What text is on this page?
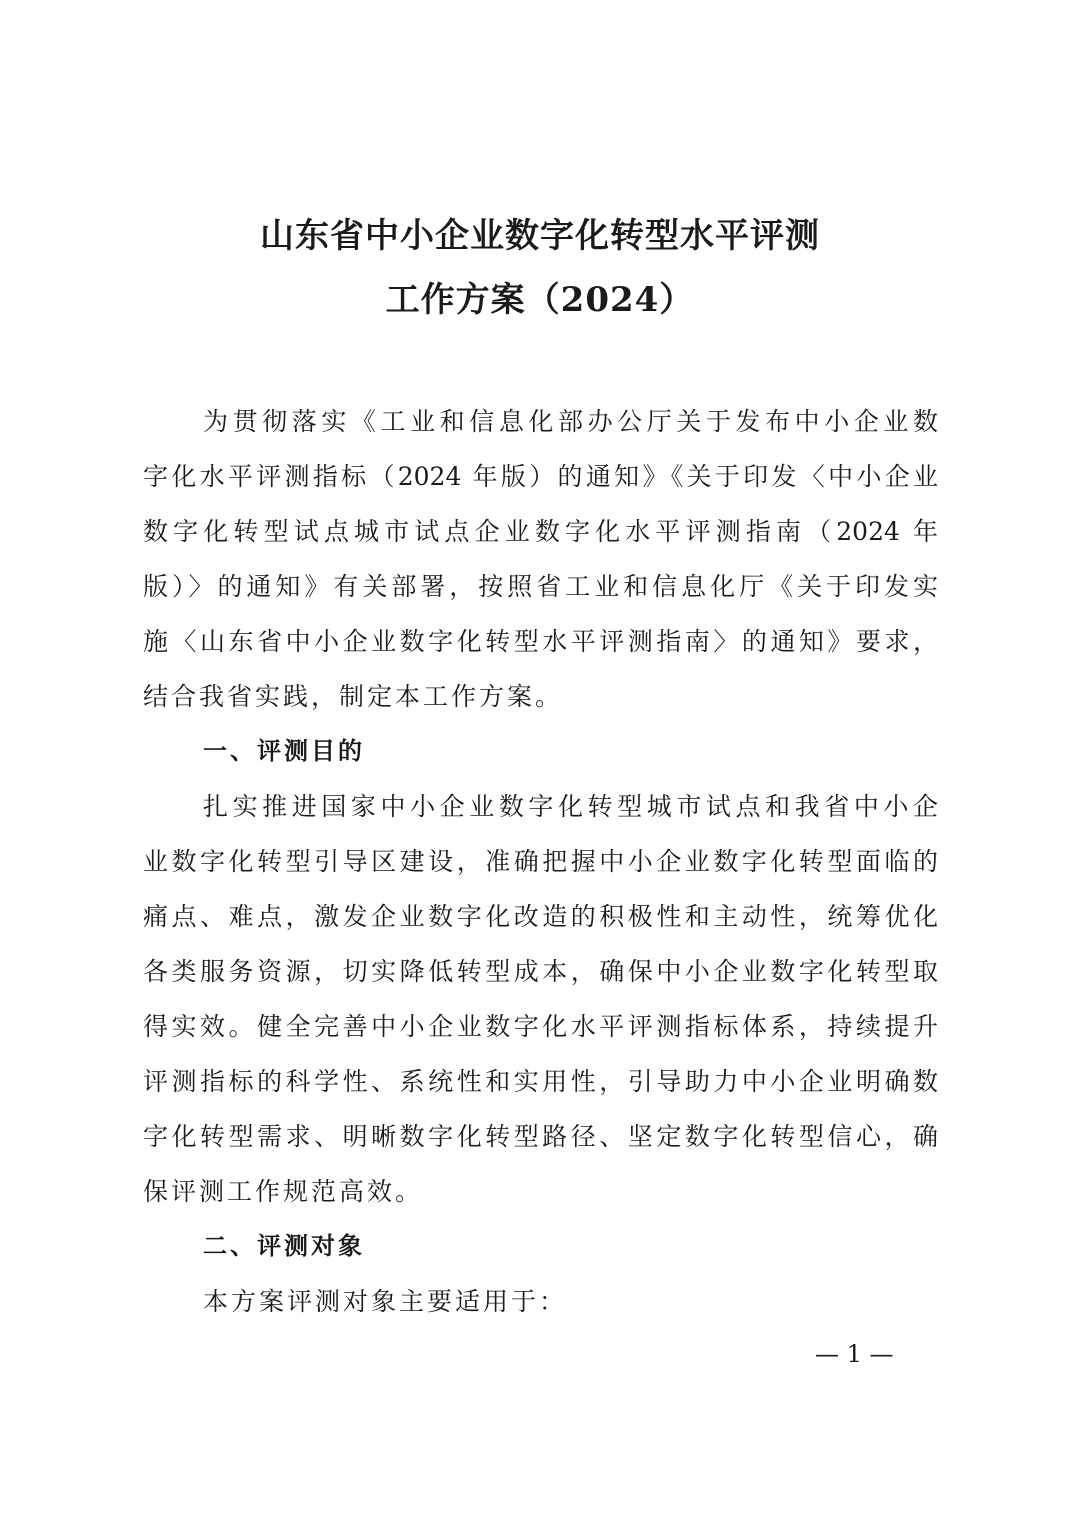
山东省中小企业数字化转型水平评测
工作方案（2024）
为贯彻落实《工业和信息化部办公厅关于发布中小企业数
字化水平评测指标（2024 年版）的通知》《关于印发〈中小企业
数字化转型试点城市试点企业数字化水平评测指南（2024 年
版）〉的通知》有关部署，按照省工业和信息化厅《关于印发实
施〈山东省中小企业数字化转型水平评测指南〉的通知》要求，
结合我省实践，制定本工作方案。
一、评测目的
扎实推进国家中小企业数字化转型城市试点和我省中小企
业数字化转型引导区建设，准确把握中小企业数字化转型面临的
痛点、难点，激发企业数字化改造的积极性和主动性，统筹优化
各类服务资源，切实降低转型成本，确保中小企业数字化转型取
得实效。健全完善中小企业数字化水平评测指标体系，持续提升
评测指标的科学性、系统性和实用性，引导助力中小企业明确数
字化转型需求、明晰数字化转型路径、坚定数字化转型信心，确
保评测工作规范高效。
二、评测对象
本方案评测对象主要适用于：
— 1 —
